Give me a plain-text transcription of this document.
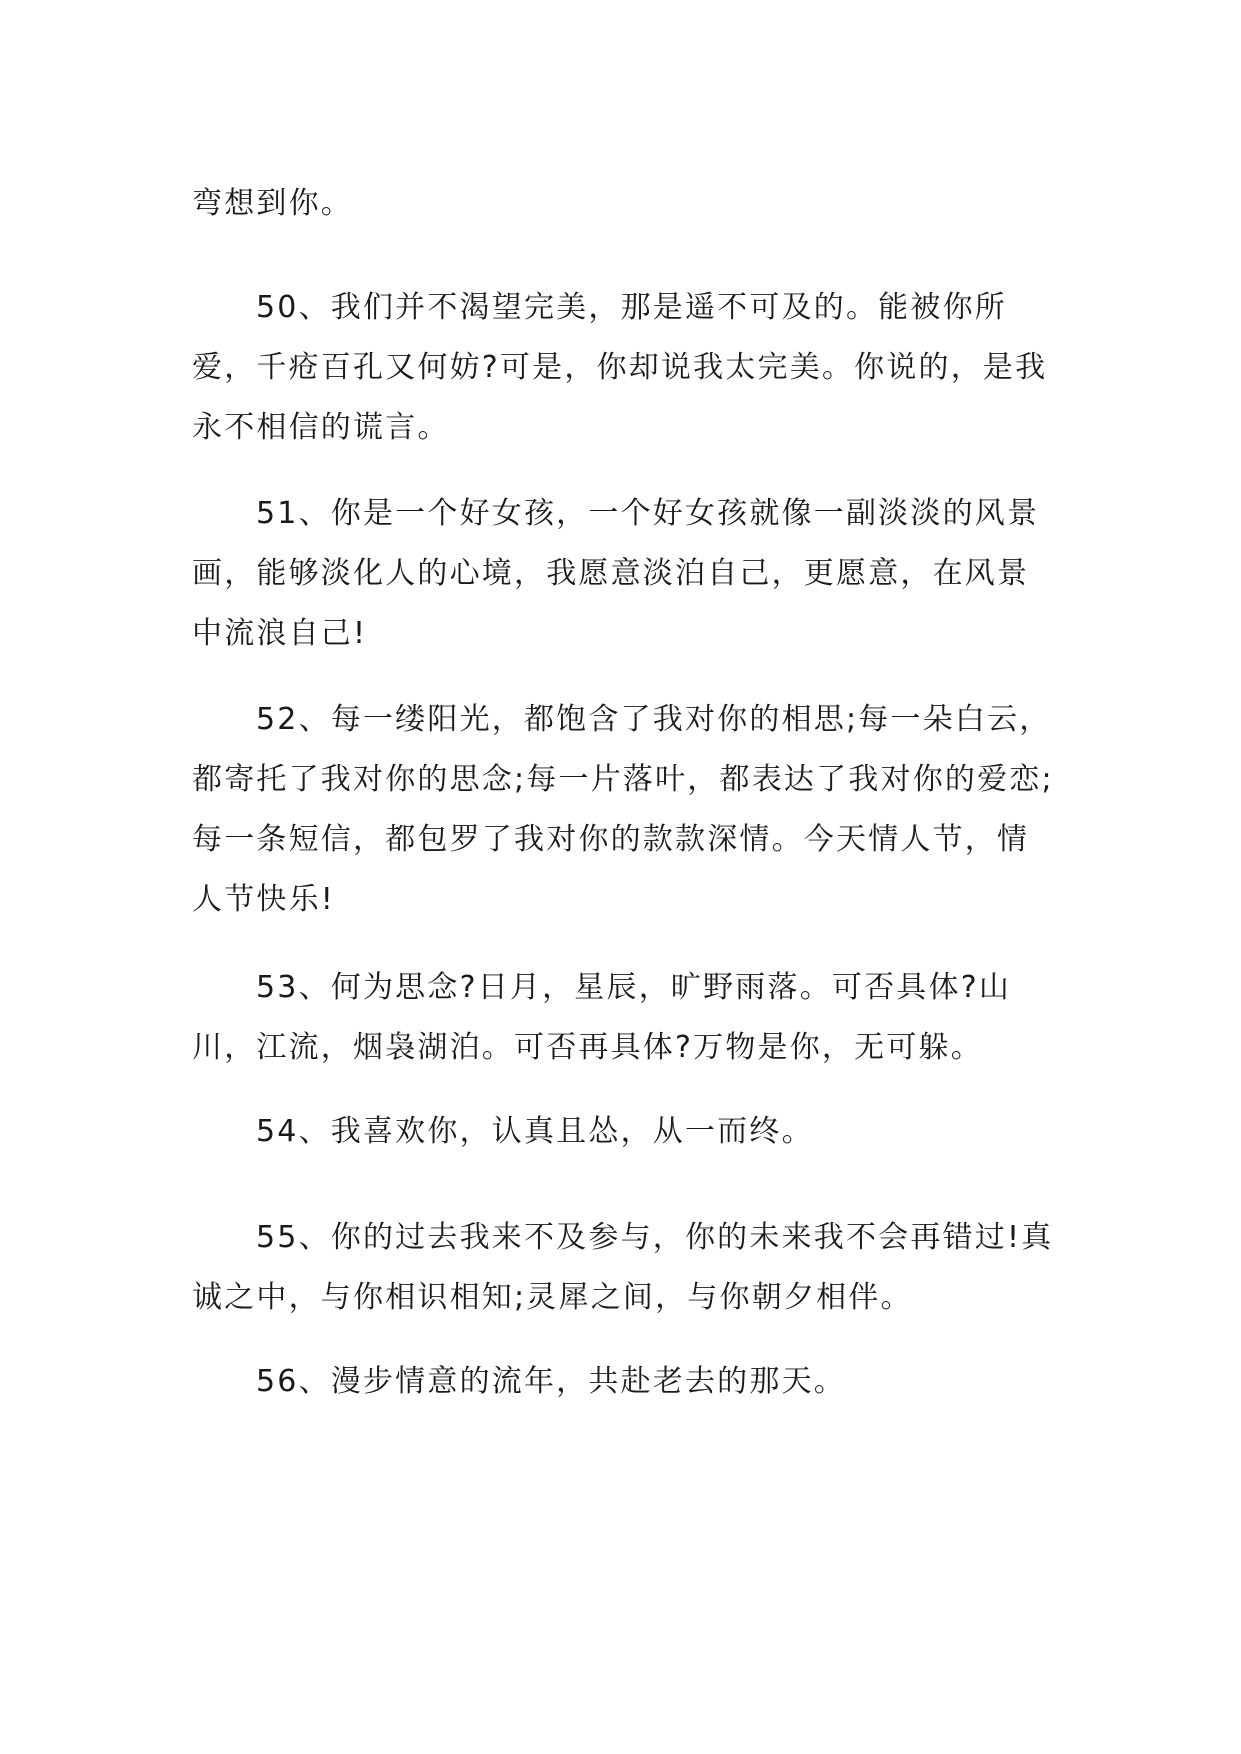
弯想到你。

50、我们并不渴望完美，那是遥不可及的。能被你所爱，千疮百孔又何妨?可是，你却说我太完美。你说的，是我永不相信的谎言。

51、你是一个好女孩，一个好女孩就像一副淡淡的风景画，能够淡化人的心境，我愿意淡泊自己，更愿意，在风景中流浪自己!

52、每一缕阳光，都饱含了我对你的相思;每一朵白云，都寄托了我对你的思念;每一片落叶，都表达了我对你的爱恋;每一条短信，都包罗了我对你的款款深情。今天情人节，情人节快乐!

53、何为思念?日月，星辰，旷野雨落。可否具体?山川，江流，烟袅湖泊。可否再具体?万物是你，无可躲。

54、我喜欢你，认真且怂，从一而终。

55、你的过去我来不及参与，你的未来我不会再错过!真诚之中，与你相识相知;灵犀之间，与你朝夕相伴。

56、漫步情意的流年，共赴老去的那天。
